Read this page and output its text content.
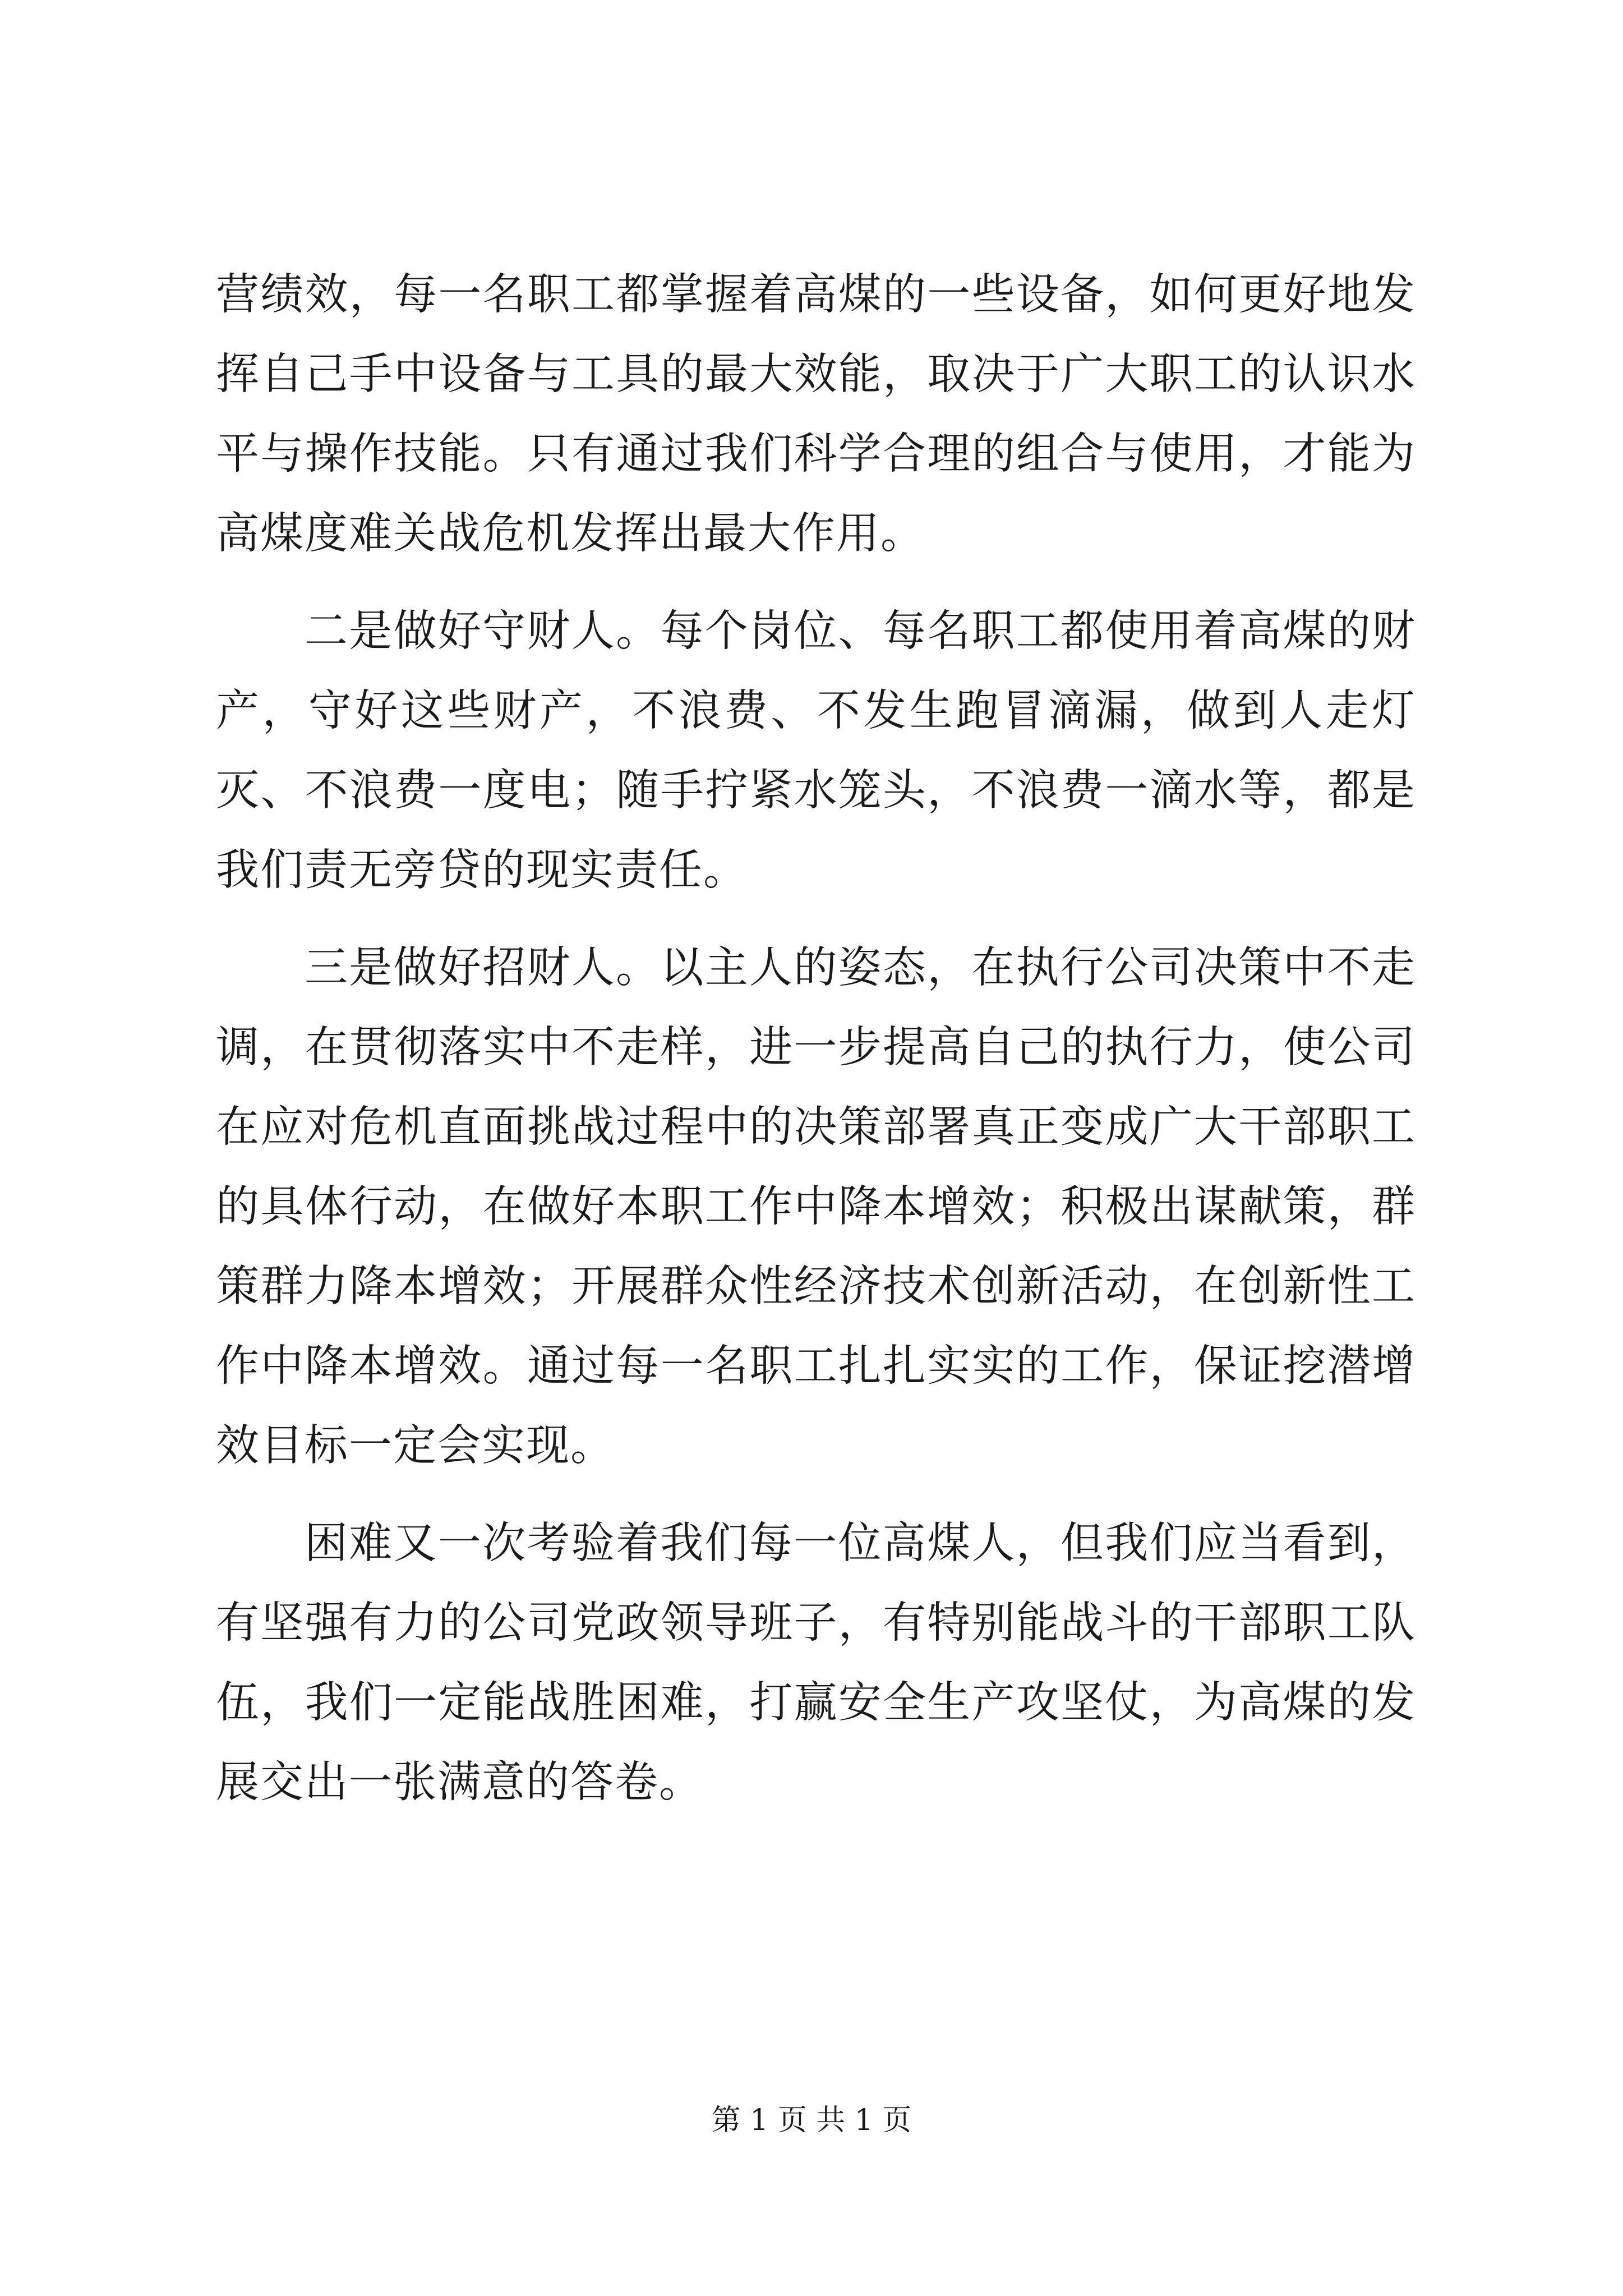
营绩效，每一名职工都掌握着高煤的一些设备，如何更好地发挥自己手中设备与工具的最大效能，取决于广大职工的认识水平与操作技能。只有通过我们科学合理的组合与使用，才能为高煤度难关战危机发挥出最大作用。

二是做好守财人。每个岗位、每名职工都使用着高煤的财产，守好这些财产，不浪费、不发生跑冒滴漏，做到人走灯灭、不浪费一度电；随手拧紧水笼头，不浪费一滴水等，都是我们责无旁贷的现实责任。

三是做好招财人。以主人的姿态，在执行公司决策中不走调，在贯彻落实中不走样，进一步提高自己的执行力，使公司在应对危机直面挑战过程中的决策部署真正变成广大干部职工的具体行动，在做好本职工作中降本增效；积极出谋献策，群策群力降本增效；开展群众性经济技术创新活动，在创新性工作中降本增效。通过每一名职工扎扎实实的工作，保证挖潜增效目标一定会实现。

困难又一次考验着我们每一位高煤人，但我们应当看到，有坚强有力的公司党政领导班子，有特别能战斗的干部职工队伍，我们一定能战胜困难，打赢安全生产攻坚仗，为高煤的发展交出一张满意的答卷。

第 1 页 共 1 页
